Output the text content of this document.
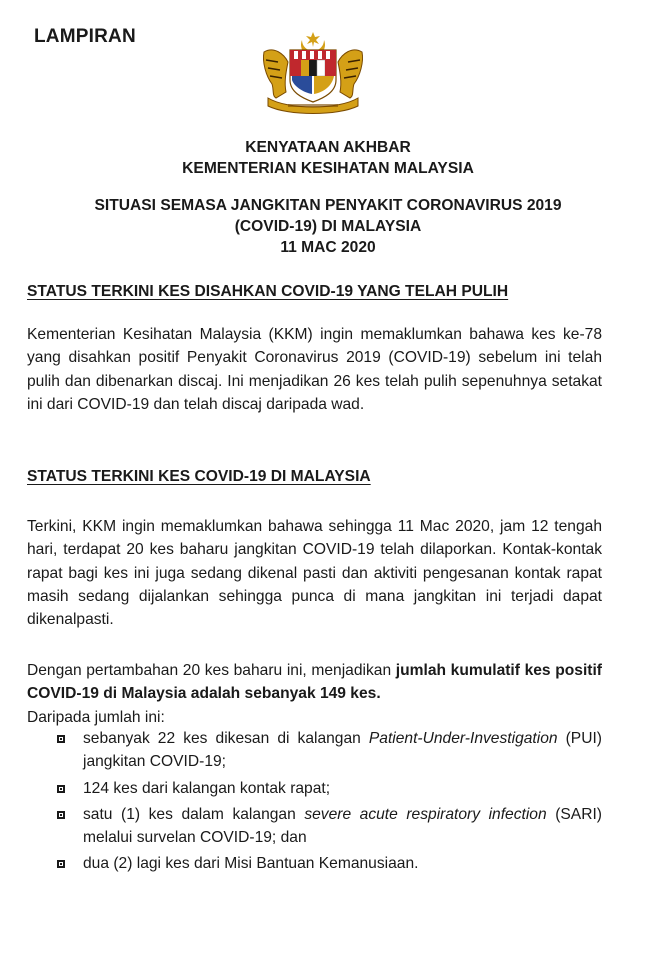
LAMPIRAN
KENYATAAN AKHBAR
KEMENTERIAN KESIHATAN MALAYSIA
SITUASI SEMASA JANGKITAN PENYAKIT CORONAVIRUS 2019
(COVID-19) DI MALAYSIA
11 MAC 2020
STATUS TERKINI KES DISAHKAN COVID-19 YANG TELAH PULIH
Kementerian Kesihatan Malaysia (KKM) ingin memaklumkan bahawa kes ke-78 yang disahkan positif Penyakit Coronavirus 2019 (COVID-19) sebelum ini telah pulih dan dibenarkan discaj. Ini menjadikan 26 kes telah pulih sepenuhnya setakat ini dari COVID-19 dan telah discaj daripada wad.
STATUS TERKINI KES COVID-19 DI MALAYSIA
Terkini, KKM ingin memaklumkan bahawa sehingga 11 Mac 2020, jam 12 tengah hari, terdapat 20 kes baharu jangkitan COVID-19 telah dilaporkan. Kontak-kontak rapat bagi kes ini juga sedang dikenal pasti dan aktiviti pengesanan kontak rapat masih sedang dijalankan sehingga punca di mana jangkitan ini terjadi dapat dikenalpasti.
Dengan pertambahan 20 kes baharu ini, menjadikan jumlah kumulatif kes positif COVID-19 di Malaysia adalah sebanyak 149 kes.
Daripada jumlah ini:
sebanyak 22 kes dikesan di kalangan Patient-Under-Investigation (PUI) jangkitan COVID-19;
124 kes dari kalangan kontak rapat;
satu (1) kes dalam kalangan severe acute respiratory infection (SARI) melalui survelan COVID-19; dan
dua (2) lagi kes dari Misi Bantuan Kemanusiaan.
